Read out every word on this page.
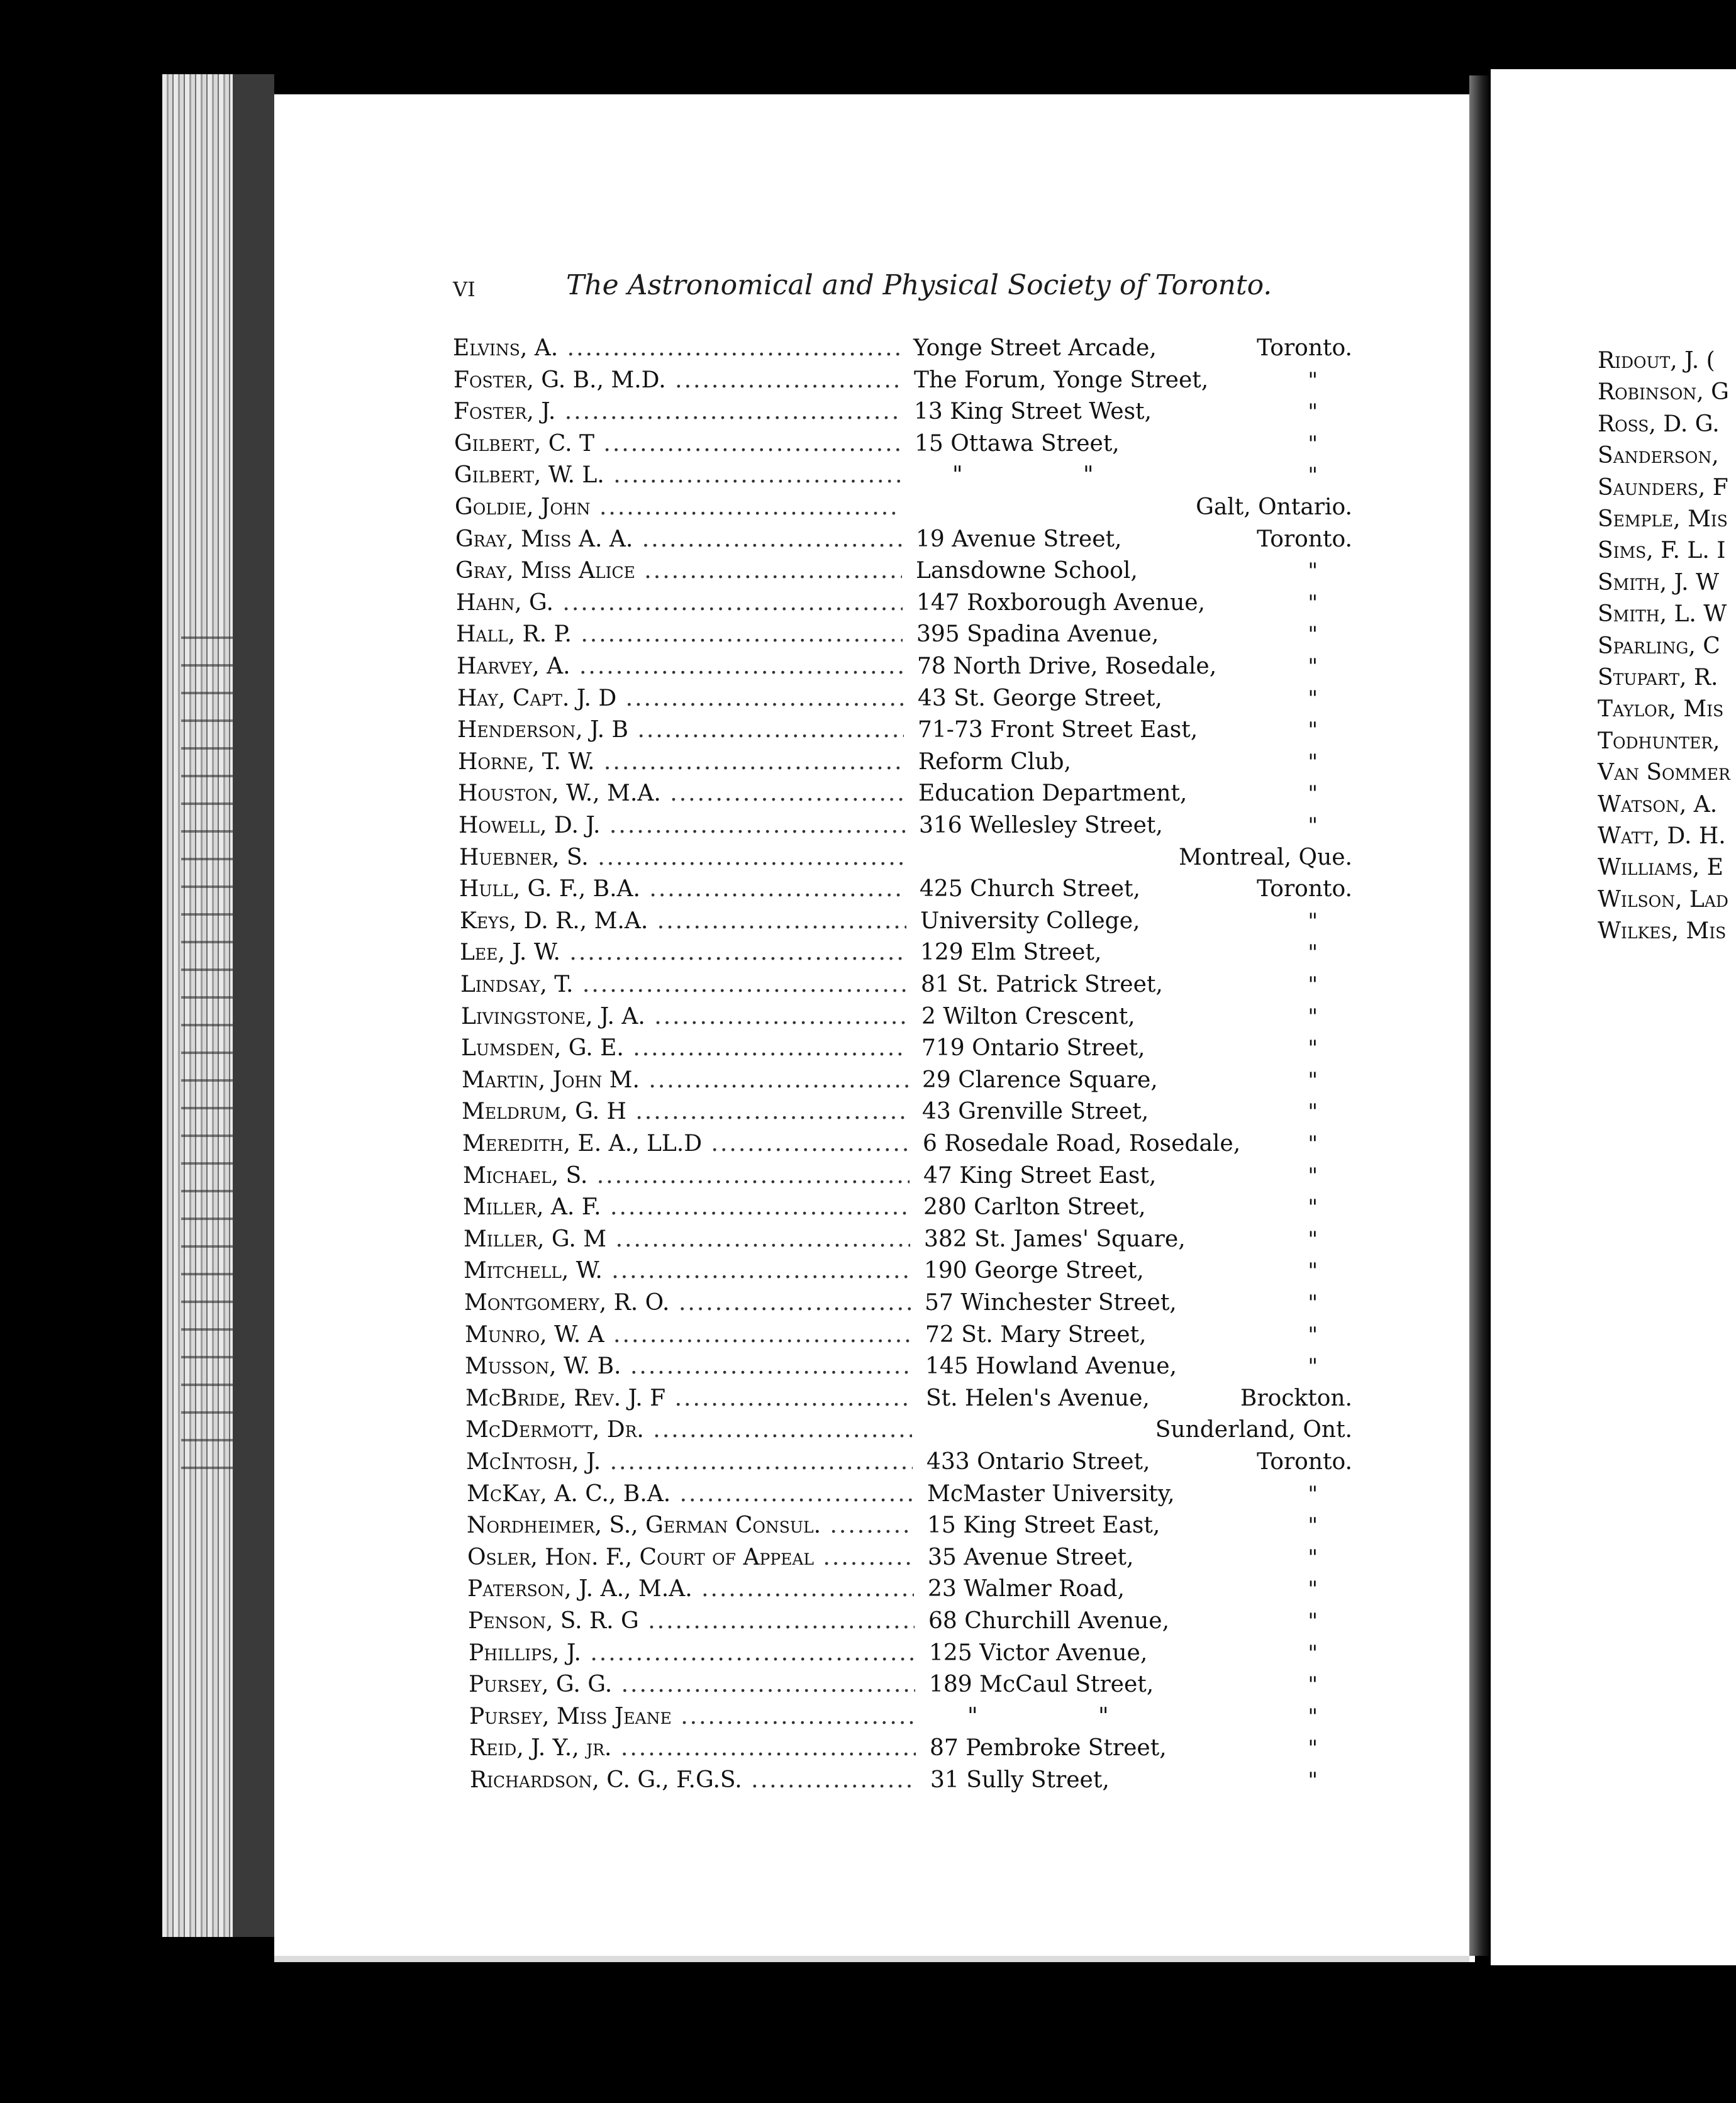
vi	The Astronomical and Physical Society of Toronto.
Elvins, A. .....	Yonge Street Arcade,	Toronto.
Foster, G. B., M.D. .....	The Forum, Yonge Street,	"
Foster, J. .....	13 King Street West,	"
Gilbert, C. T .....	15 Ottawa Street,	"
Gilbert, W. L. .....	" "	"
Goldie, John .....	Galt, Ontario.
Gray, Miss A. A. .....	19 Avenue Street,	Toronto.
Gray, Miss Alice .....	Lansdowne School,	"
Hahn, G. .....	147 Roxborough Avenue,	"
Hall, R. P. .....	395 Spadina Avenue,	"
Harvey, A. .....	78 North Drive, Rosedale,	"
Hay, Capt. J. D .....	43 St. George Street,	"
Henderson, J. B .....	71-73 Front Street East,	"
Horne, T. W. .....	Reform Club,	"
Houston, W., M.A. .....	Education Department,	"
Howell, D. J. .....	316 Wellesley Street,	"
Huebner, S. .....	Montreal, Que.
Hull, G. F., B.A. .....	425 Church Street,	Toronto.
Keys, D. R., M.A. .....	University College,	"
Lee, J. W. .....	129 Elm Street,	"
Lindsay, T. .....	81 St. Patrick Street,	"
Livingstone, J. A. .....	2 Wilton Crescent,	"
Lumsden, G. E. .....	719 Ontario Street,	"
Martin, John M. .....	29 Clarence Square,	"
Meldrum, G. H .....	43 Grenville Street,	"
Meredith, E. A., LL.D .....	6 Rosedale Road, Rosedale,	"
Michael, S. .....	47 King Street East,	"
Miller, A. F. .....	280 Carlton Street,	"
Miller, G. M .....	382 St. James' Square,	"
Mitchell, W. .....	190 George Street,	"
Montgomery, R. O. .....	57 Winchester Street,	"
Munro, W. A .....	72 St. Mary Street,	"
Musson, W. B. .....	145 Howland Avenue,	"
McBride, Rev. J. F .....	St. Helen's Avenue,	Brockton.
McDermott, Dr. .....	Sunderland, Ont.
McIntosh, J. .....	433 Ontario Street,	Toronto.
McKay, A. C., B.A. .....	McMaster University,	"
Nordheimer, S., German Consul. .....	15 King Street East,	"
Osler, Hon. F., Court of Appeal .....	35 Avenue Street,	"
Paterson, J. A., M.A. .....	23 Walmer Road,	"
Penson, S. R. G .....	68 Churchill Avenue,	"
Phillips, J. .....	125 Victor Avenue,	"
Pursey, G. G. .....	189 McCaul Street,	"
Pursey, Miss Jeane .....	" "	"
Reid, J. Y., jr. .....	87 Pembroke Street,	"
Richardson, C. G., F.G.S. .....	31 Sully Street,	"
Ridout, J. (
Robinson, G
Ross, D. G.
Sanderson,
Saunders, F
Semple, Mis
Sims, F. L. I
Smith, J. W
Smith, L. W
Sparling, C
Stupart, R.
Taylor, Mis
Todhunter,
Van Sommer
Watson, A.
Watt, D. H.
Williams, E
Wilson, Lad
Wilkes, Mis
